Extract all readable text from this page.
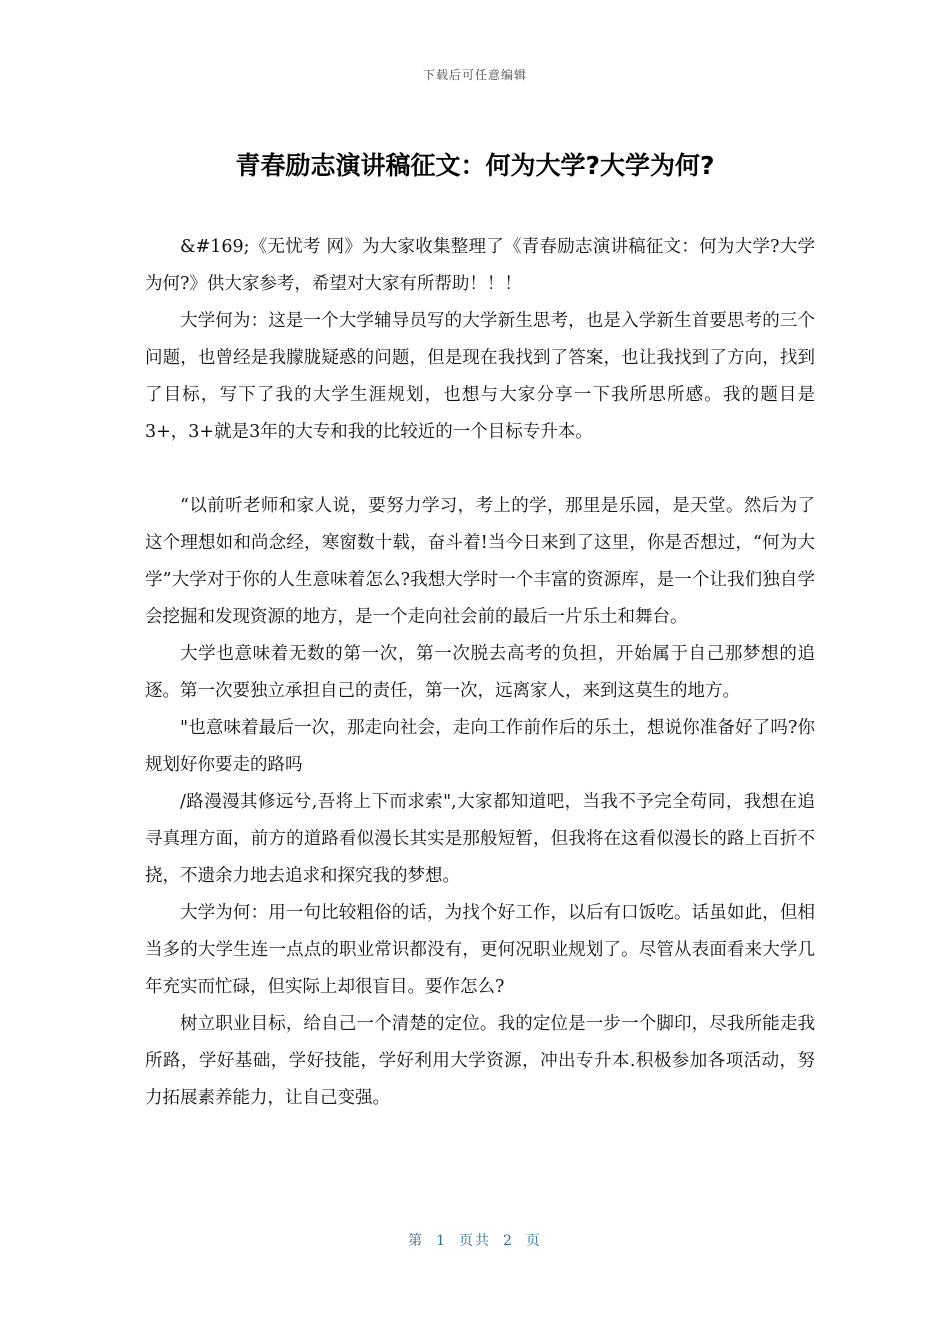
下载后可任意编辑
青春励志演讲稿征文：何为大学?大学为何?

&#169;《无忧考 网》为大家收集整理了《青春励志演讲稿征文：何为大学?大学为何?》供大家参考，希望对大家有所帮助！！！

大学何为：这是一个大学辅导员写的大学新生思考，也是入学新生首要思考的三个问题，也曾经是我朦胧疑惑的问题，但是现在我找到了答案，也让我找到了方向，找到了目标，写下了我的大学生涯规划，也想与大家分享一下我所思所感。我的题目是3+，3+就是3年的大专和我的比较近的一个目标专升本。

“以前听老师和家人说，要努力学习，考上的学，那里是乐园，是天堂。然后为了这个理想如和尚念经，寒窗数十载，奋斗着!当今日来到了这里，你是否想过，“何为大学”大学对于你的人生意味着怎么?我想大学时一个丰富的资源库，是一个让我们独自学会挖掘和发现资源的地方，是一个走向社会前的最后一片乐土和舞台。

大学也意味着无数的第一次，第一次脱去高考的负担，开始属于自己那梦想的追逐。第一次要独立承担自己的责任，第一次，远离家人，来到这莫生的地方。

"也意味着最后一次，那走向社会，走向工作前作后的乐土，想说你准备好了吗?你规划好你要走的路吗

/路漫漫其修远兮,吾将上下而求索",大家都知道吧，当我不予完全苟同，我想在追寻真理方面，前方的道路看似漫长其实是那般短暂，但我将在这看似漫长的路上百折不挠，不遗余力地去追求和探究我的梦想。

大学为何：用一句比较粗俗的话，为找个好工作，以后有口饭吃。话虽如此，但相当多的大学生连一点点的职业常识都没有，更何况职业规划了。尽管从表面看来大学几年充实而忙碌，但实际上却很盲目。要作怎么?

树立职业目标，给自己一个清楚的定位。我的定位是一步一个脚印，尽我所能走我所路，学好基础，学好技能，学好利用大学资源，冲出专升本.积极参加各项活动，努力拓展素养能力，让自己变强。

第 1 页共 2 页
